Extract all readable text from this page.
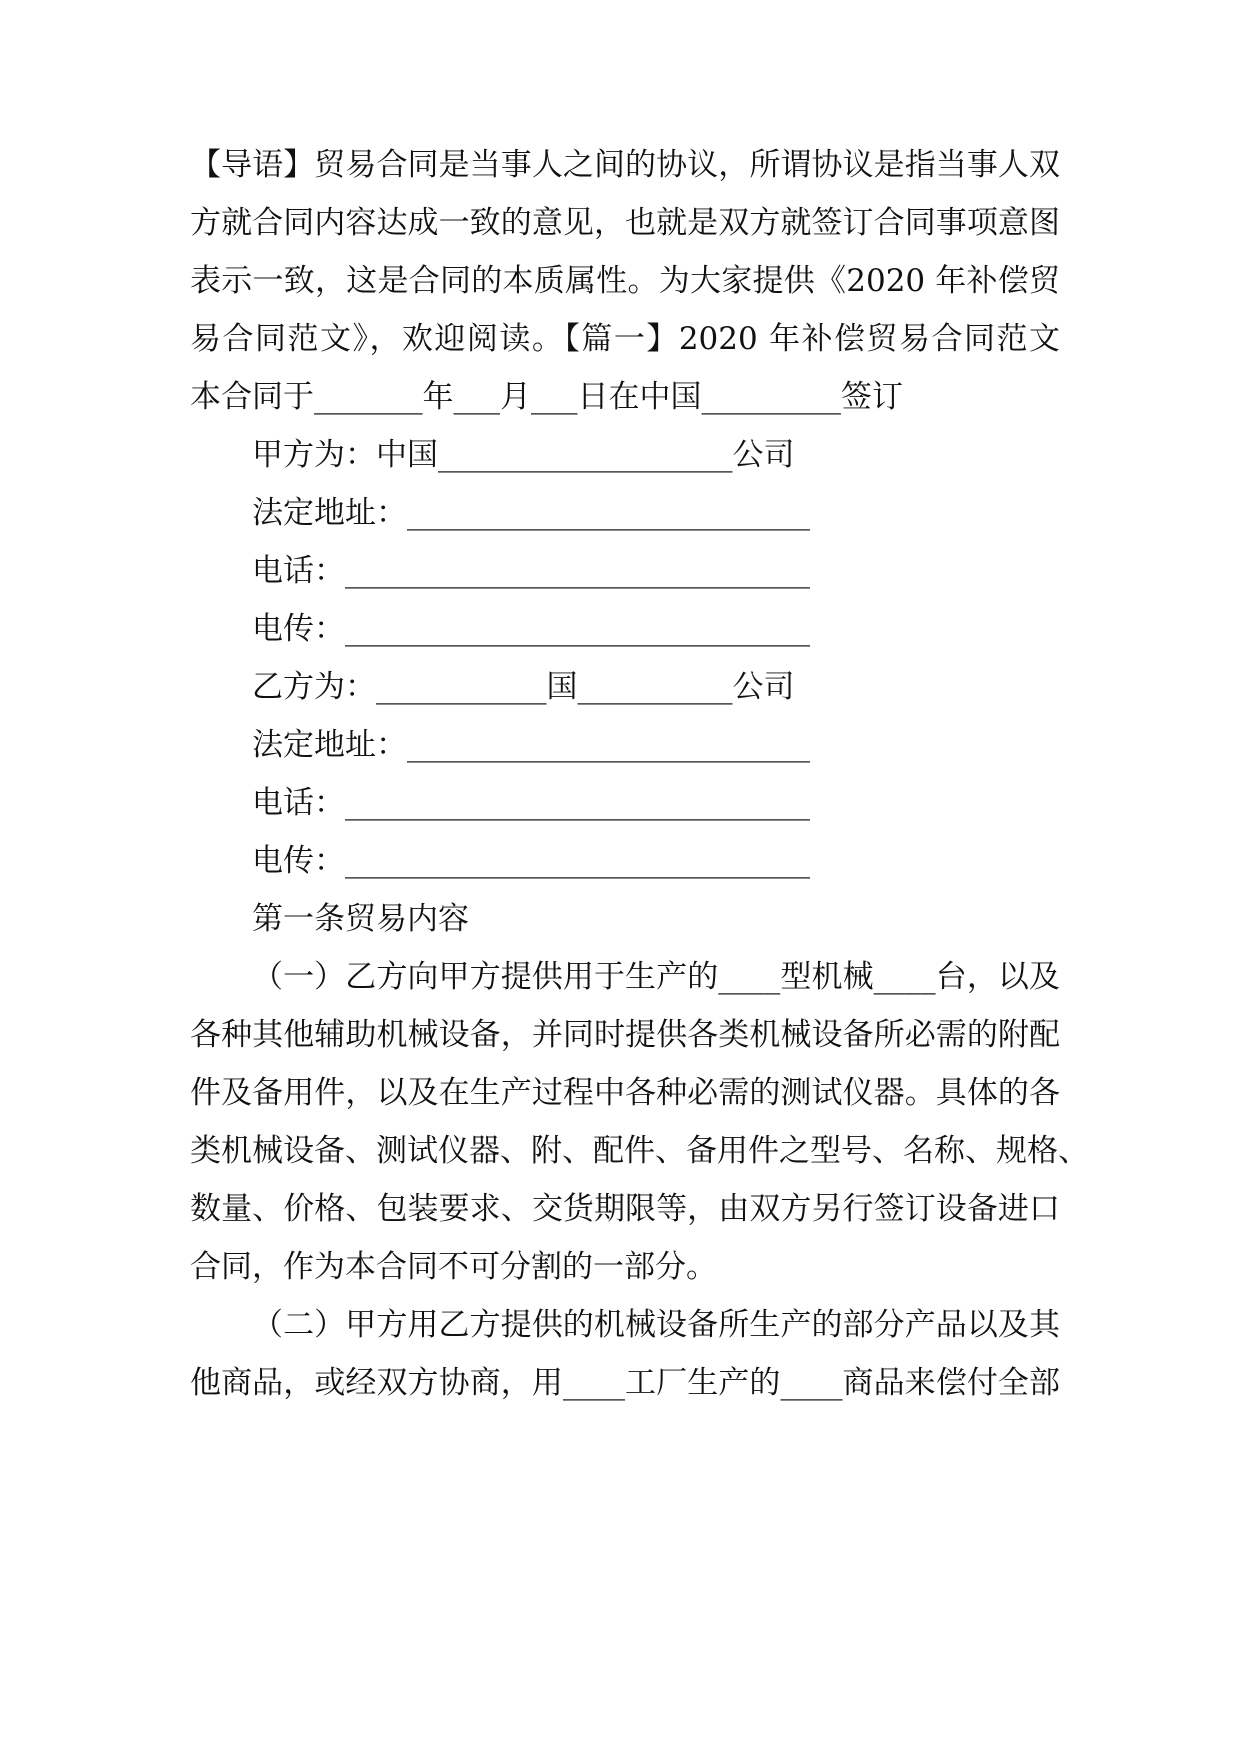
【导语】贸易合同是当事人之间的协议，所谓协议是指当事人双
方就合同内容达成一致的意见，也就是双方就签订合同事项意图
表示一致，这是合同的本质属性。为大家提供《2020 年补偿贸
易合同范文》，欢迎阅读。【篇一】2020 年补偿贸易合同范文
本合同于_______年___月___日在中国_________签订
甲方为：中国___________________公司
法定地址：__________________________
电话：______________________________
电传：______________________________
乙方为：___________国__________公司
法定地址：__________________________
电话：______________________________
电传：______________________________
第一条贸易内容
（一）乙方向甲方提供用于生产的____型机械____台，以及
各种其他辅助机械设备，并同时提供各类机械设备所必需的附配
件及备用件，以及在生产过程中各种必需的测试仪器。具体的各
类机械设备、测试仪器、附、配件、备用件之型号、名称、规格、
数量、价格、包装要求、交货期限等，由双方另行签订设备进口
合同，作为本合同不可分割的一部分。
（二）甲方用乙方提供的机械设备所生产的部分产品以及其
他商品，或经双方协商，用____工厂生产的____商品来偿付全部
